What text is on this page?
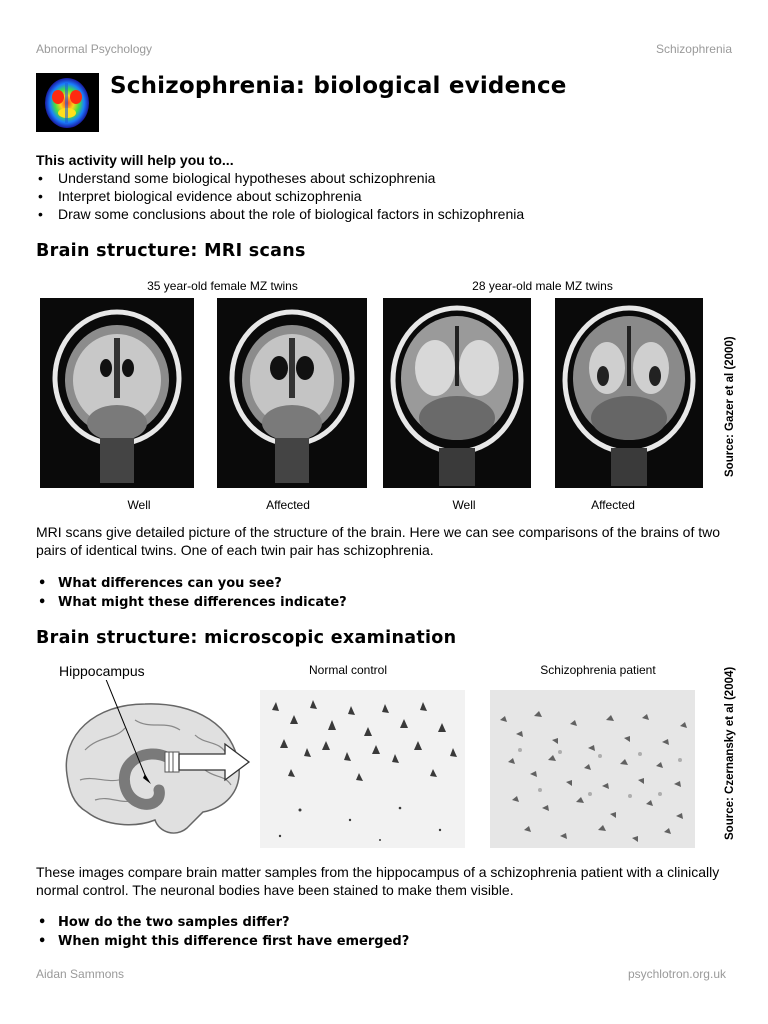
Abnormal Psychology	Schizophrenia
Schizophrenia: biological evidence
This activity will help you to...
• Understand some biological hypotheses about schizophrenia
• Interpret biological evidence about schizophrenia
• Draw some conclusions about the role of biological factors in schizophrenia
Brain structure: MRI scans
35 year-old female MZ twins	28 year-old male MZ twins
Source: Gazer et al (2000)
Well	Affected	Well	Affected
MRI scans give detailed picture of the structure of the brain. Here we can see comparisons of the brains of two pairs of identical twins. One of each twin pair has schizophrenia.
• What differences can you see?
• What might these differences indicate?
Brain structure: microscopic examination
Hippocampus	Normal control	Schizophrenia patient	Source: Czernansky et al (2004)
These images compare brain matter samples from the hippocampus of a schizophrenia patient with a clinically normal control. The neuronal bodies have been stained to make them visible.
• How do the two samples differ?
• When might this difference first have emerged?
Aidan Sammons	psychlotron.org.uk
